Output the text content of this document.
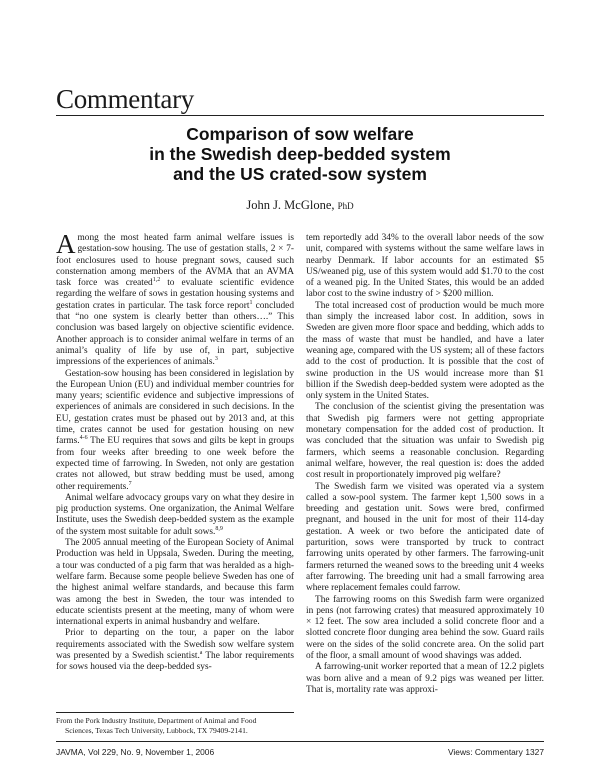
Commentary
Comparison of sow welfare
in the Swedish deep-bedded system
and the US crated-sow system
John J. McGlone, PhD

Among the most heated farm animal welfare issues is gestation-sow housing. The use of gestation stalls, 2 × 7-foot enclosures used to house pregnant sows, caused such consternation among members of the AVMA that an AVMA task force was created$^{1,2}$ to evaluate scientific evidence regarding the welfare of sows in gestation housing systems and gestation crates in particular. The task force report$^1$ concluded that “no one system is clearly better than others….” This conclusion was based largely on objective scientific evidence. Another approach is to consider animal welfare in terms of an animal’s quality of life by use of, in part, subjective impressions of the experiences of animals.$^3$

Gestation-sow housing has been considered in legislation by the European Union (EU) and individual member countries for many years; scientific evidence and subjective impressions of experiences of animals are considered in such decisions. In the EU, gestation crates must be phased out by 2013 and, at this time, crates cannot be used for gestation housing on new farms.$^{4-6}$ The EU requires that sows and gilts be kept in groups from four weeks after breeding to one week before the expected time of farrowing. In Sweden, not only are gestation crates not allowed, but straw bedding must be used, among other requirements.$^7$

Animal welfare advocacy groups vary on what they desire in pig production systems. One organization, the Animal Welfare Institute, uses the Swedish deep-bedded system as the example of the system most suitable for adult sows.$^{8,9}$

The 2005 annual meeting of the European Society of Animal Production was held in Uppsala, Sweden. During the meeting, a tour was conducted of a pig farm that was heralded as a high-welfare farm. Because some people believe Sweden has one of the highest animal welfare standards, and because this farm was among the best in Sweden, the tour was intended to educate scientists present at the meeting, many of whom were international experts in animal husbandry and welfare.

Prior to departing on the tour, a paper on the labor requirements associated with the Swedish sow welfare system was presented by a Swedish scientist.$^a$ The labor requirements for sows housed via the deep-bedded sys-

tem reportedly add 34% to the overall labor needs of the sow unit, compared with systems without the same welfare laws in nearby Denmark. If labor accounts for an estimated $5 US/weaned pig, use of this system would add $1.70 to the cost of a weaned pig. In the United States, this would be an added labor cost to the swine industry of > $200 million.

The total increased cost of production would be much more than simply the increased labor cost. In addition, sows in Sweden are given more floor space and bedding, which adds to the mass of waste that must be handled, and have a later weaning age, compared with the US system; all of these factors add to the cost of production. It is possible that the cost of swine production in the US would increase more than $1 billion if the Swedish deep-bedded system were adopted as the only system in the United States.

The conclusion of the scientist giving the presentation was that Swedish pig farmers were not getting appropriate monetary compensation for the added cost of production. It was concluded that the situation was unfair to Swedish pig farmers, which seems a reasonable conclusion. Regarding animal welfare, however, the real question is: does the added cost result in proportionately improved pig welfare?

The Swedish farm we visited was operated via a system called a sow-pool system. The farmer kept 1,500 sows in a breeding and gestation unit. Sows were bred, confirmed pregnant, and housed in the unit for most of their 114-day gestation. A week or two before the anticipated date of parturition, sows were transported by truck to contract farrowing units operated by other farmers. The farrowing-unit farmers returned the weaned sows to the breeding unit 4 weeks after farrowing. The breeding unit had a small farrowing area where replacement females could farrow.

The farrowing rooms on this Swedish farm were organized in pens (not farrowing crates) that measured approximately 10 × 12 feet. The sow area included a solid concrete floor and a slotted concrete floor dunging area behind the sow. Guard rails were on the sides of the solid concrete area. On the solid part of the floor, a small amount of wood shavings was added.

A farrowing-unit worker reported that a mean of 12.2 piglets was born alive and a mean of 9.2 pigs was weaned per litter. That is, mortality rate was approxi-

From the Pork Industry Institute, Department of Animal and Food
Sciences, Texas Tech University, Lubbock, TX 79409-2141.
JAVMA, Vol 229, No. 9, November 1, 2006	Views: Commentary 1327
